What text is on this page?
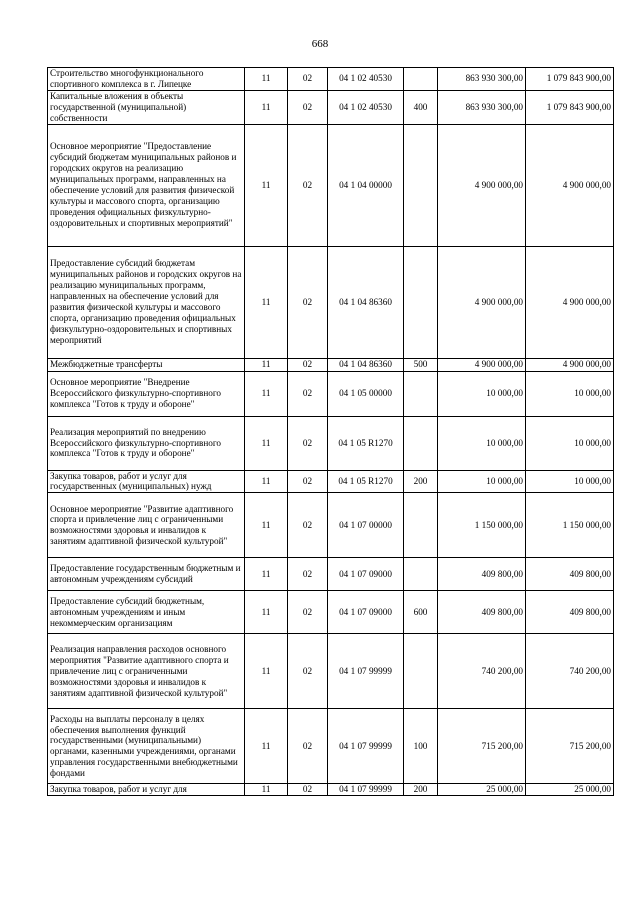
668
Строительство многофункционального спортивного комплекса в г. Липецке	11	02	04 1 02 40530		863 930 300,00	1 079 843 900,00
Капитальные вложения в объекты государственной (муниципальной) собственности	11	02	04 1 02 40530	400	863 930 300,00	1 079 843 900,00
Основное мероприятие "Предоставление субсидий бюджетам муниципальных районов и городских округов на реализацию муниципальных программ, направленных на обеспечение условий для развития физической культуры и массового спорта, организацию проведения официальных физкультурно-оздоровительных и спортивных мероприятий"	11	02	04 1 04 00000		4 900 000,00	4 900 000,00
Предоставление субсидий бюджетам муниципальных районов и городских округов на реализацию муниципальных программ, направленных на обеспечение условий для развития физической культуры и массового спорта, организацию проведения официальных физкультурно-оздоровительных и спортивных мероприятий	11	02	04 1 04 86360		4 900 000,00	4 900 000,00
Межбюджетные трансферты	11	02	04 1 04 86360	500	4 900 000,00	4 900 000,00
Основное мероприятие "Внедрение Всероссийского физкультурно-спортивного комплекса "Готов к труду и обороне"	11	02	04 1 05 00000		10 000,00	10 000,00
Реализация мероприятий по внедрению Всероссийского физкультурно-спортивного комплекса "Готов к труду и обороне"	11	02	04 1 05 R1270		10 000,00	10 000,00
Закупка товаров, работ и услуг для государственных (муниципальных) нужд	11	02	04 1 05 R1270	200	10 000,00	10 000,00
Основное мероприятие "Развитие адаптивного спорта и привлечение лиц с ограниченными возможностями здоровья и инвалидов к занятиям адаптивной физической культурой"	11	02	04 1 07 00000		1 150 000,00	1 150 000,00
Предоставление государственным бюджетным и автономным учреждениям субсидий	11	02	04 1 07 09000		409 800,00	409 800,00
Предоставление субсидий бюджетным, автономным учреждениям и иным некоммерческим организациям	11	02	04 1 07 09000	600	409 800,00	409 800,00
Реализация направления расходов основного мероприятия "Развитие адаптивного спорта и привлечение лиц с ограниченными возможностями здоровья и инвалидов к занятиям адаптивной физической культурой"	11	02	04 1 07 99999		740 200,00	740 200,00
Расходы на выплаты персоналу в целях обеспечения выполнения функций государственными (муниципальными) органами, казенными учреждениями, органами управления государственными внебюджетными фондами	11	02	04 1 07 99999	100	715 200,00	715 200,00
Закупка товаров, работ и услуг для	11	02	04 1 07 99999	200	25 000,00	25 000,00
